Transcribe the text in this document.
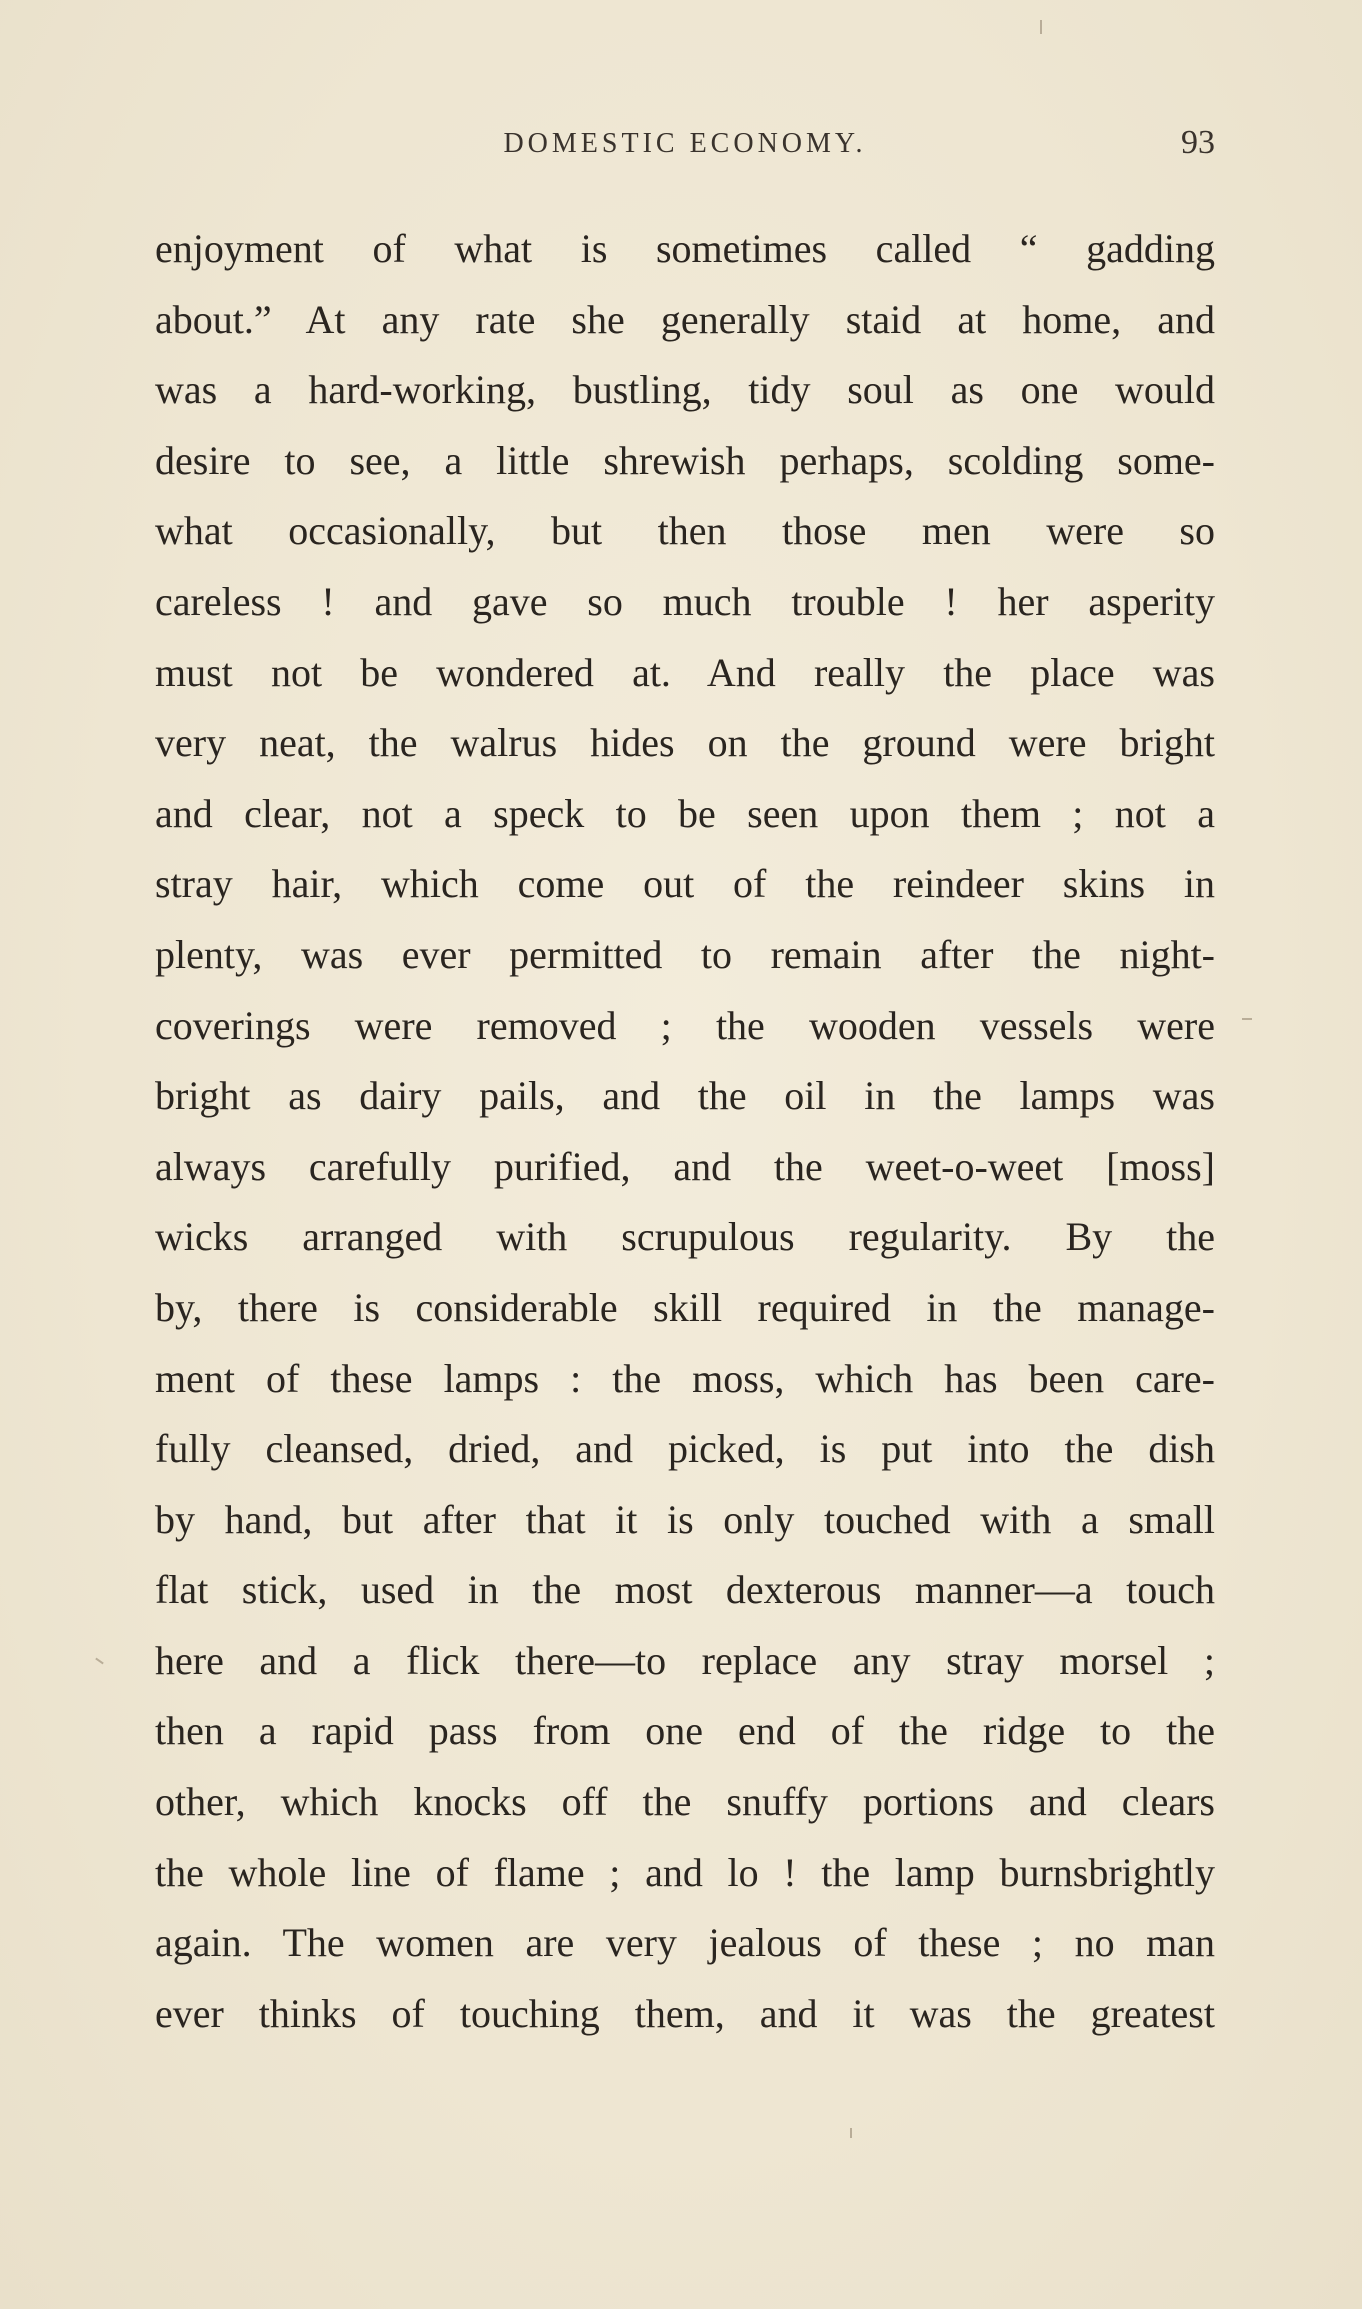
DOMESTIC ECONOMY.	93
enjoyment of what is sometimes called “ gadding
about.” At any rate she generally staid at home, and
was a hard-working, bustling, tidy soul as one would
desire to see, a little shrewish perhaps, scolding some-
what occasionally, but then those men were so
careless ! and gave so much trouble ! her asperity
must not be wondered at. And really the place was
very neat, the walrus hides on the ground were bright
and clear, not a speck to be seen upon them ; not a
stray hair, which come out of the reindeer skins in
plenty, was ever permitted to remain after the night-
coverings were removed ; the wooden vessels were
bright as dairy pails, and the oil in the lamps was
always carefully purified, and the weet-o-weet [moss]
wicks arranged with scrupulous regularity. By the
by, there is considerable skill required in the manage-
ment of these lamps : the moss, which has been care-
fully cleansed, dried, and picked, is put into the dish
by hand, but after that it is only touched with a small
flat stick, used in the most dexterous manner—a touch
here and a flick there—to replace any stray morsel ;
then a rapid pass from one end of the ridge to the
other, which knocks off the snuffy portions and clears
the whole line of flame ; and lo ! the lamp burnsbrightly
again. The women are very jealous of these ; no man
ever thinks of touching them, and it was the greatest
